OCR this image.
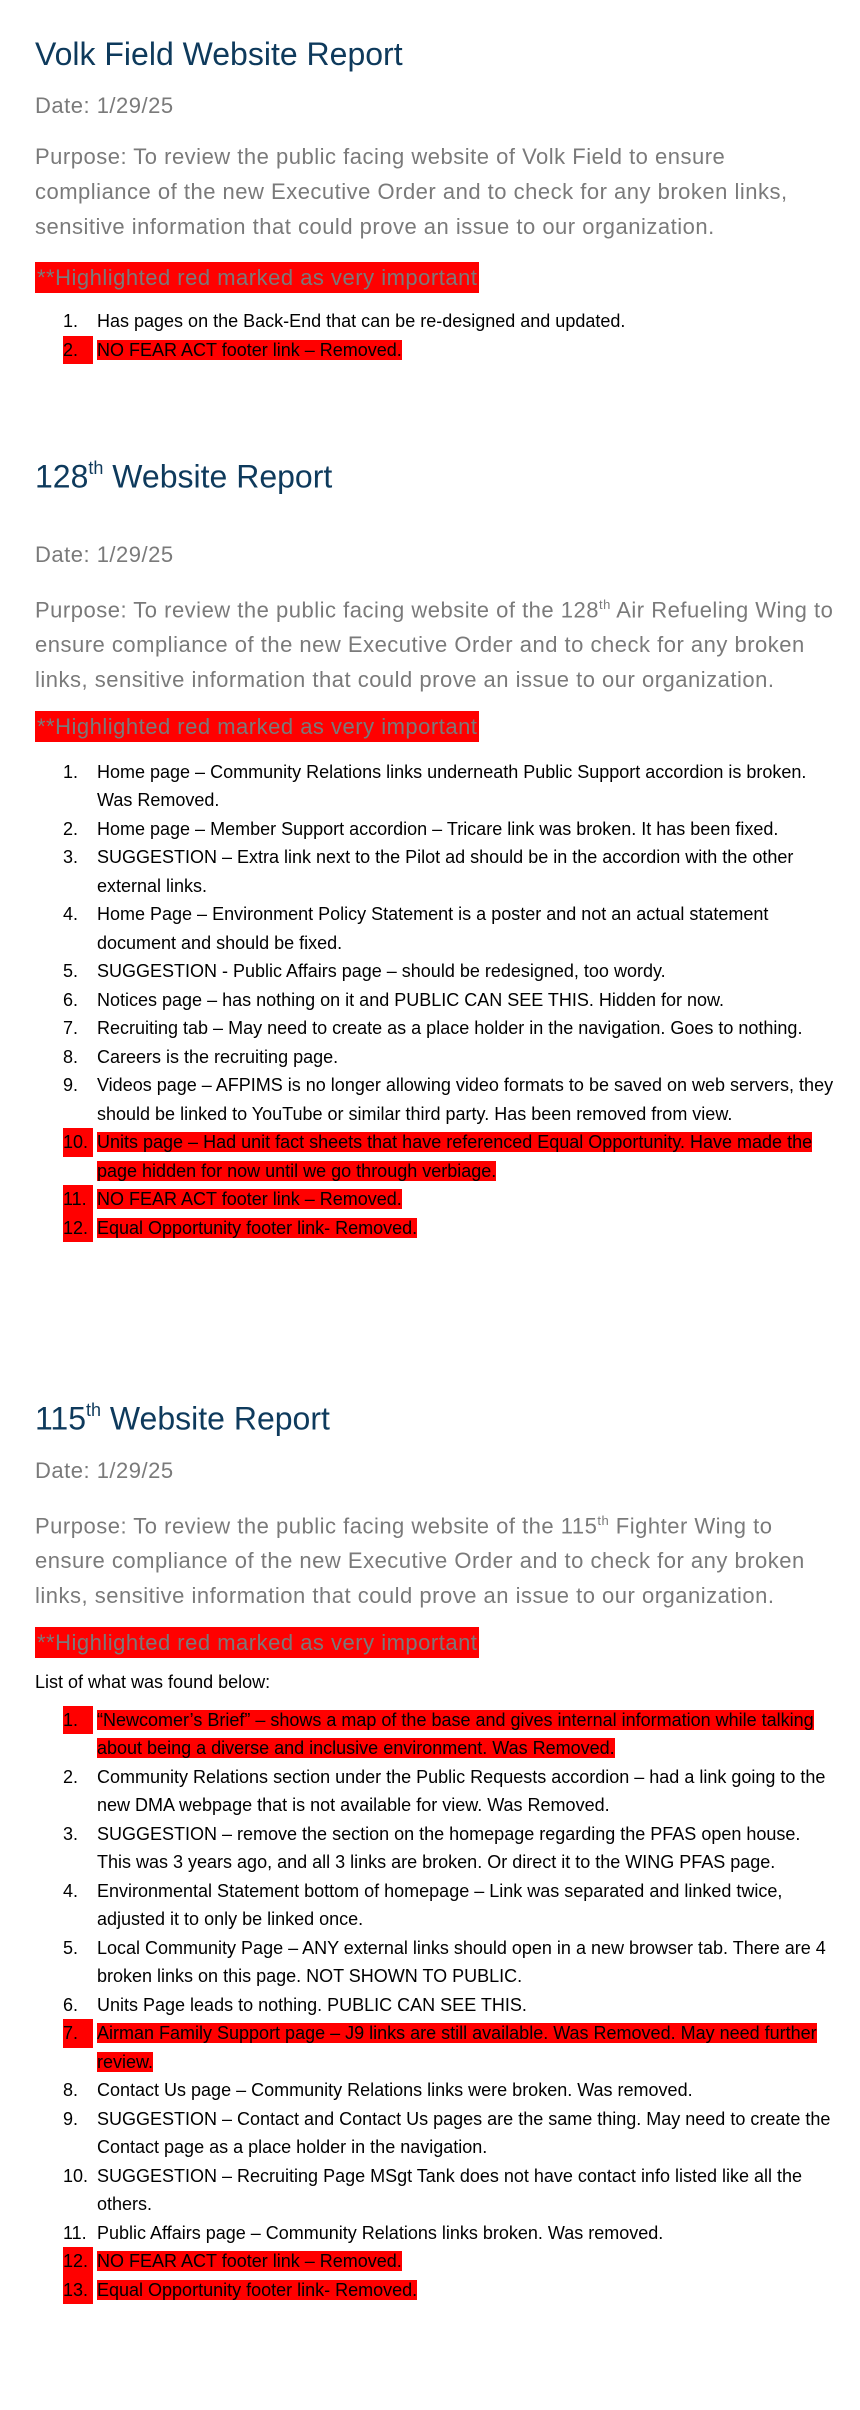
Volk Field Website Report
Date: 1/29/25
Purpose: To review the public facing website of Volk Field to ensure compliance of the new Executive Order and to check for any broken links, sensitive information that could prove an issue to our organization.
**Highlighted red marked as very important
1.	Has pages on the Back-End that can be re-designed and updated.
2.	NO FEAR ACT footer link – Removed.
128th Website Report
Date: 1/29/25
Purpose: To review the public facing website of the 128th Air Refueling Wing to ensure compliance of the new Executive Order and to check for any broken links, sensitive information that could prove an issue to our organization.
**Highlighted red marked as very important
1.	Home page – Community Relations links underneath Public Support accordion is broken. Was Removed.
2.	Home page – Member Support accordion – Tricare link was broken. It has been fixed.
3.	SUGGESTION – Extra link next to the Pilot ad should be in the accordion with the other external links.
4.	Home Page – Environment Policy Statement is a poster and not an actual statement document and should be fixed.
5.	SUGGESTION - Public Affairs page – should be redesigned, too wordy.
6.	Notices page – has nothing on it and PUBLIC CAN SEE THIS. Hidden for now.
7.	Recruiting tab – May need to create as a place holder in the navigation. Goes to nothing.
8.	Careers is the recruiting page.
9.	Videos page – AFPIMS is no longer allowing video formats to be saved on web servers, they should be linked to YouTube or similar third party. Has been removed from view.
10. Units page – Had unit fact sheets that have referenced Equal Opportunity. Have made the page hidden for now until we go through verbiage.
11. NO FEAR ACT footer link – Removed.
12. Equal Opportunity footer link- Removed.
115th Website Report
Date: 1/29/25
Purpose: To review the public facing website of the 115th Fighter Wing to ensure compliance of the new Executive Order and to check for any broken links, sensitive information that could prove an issue to our organization.
**Highlighted red marked as very important
List of what was found below:
1.	“Newcomer’s Brief” – shows a map of the base and gives internal information while talking about being a diverse and inclusive environment. Was Removed.
2.	Community Relations section under the Public Requests accordion – had a link going to the new DMA webpage that is not available for view. Was Removed.
3.	SUGGESTION – remove the section on the homepage regarding the PFAS open house. This was 3 years ago, and all 3 links are broken. Or direct it to the WING PFAS page.
4.	Environmental Statement bottom of homepage – Link was separated and linked twice, adjusted it to only be linked once.
5.	Local Community Page – ANY external links should open in a new browser tab. There are 4 broken links on this page. NOT SHOWN TO PUBLIC.
6.	Units Page leads to nothing. PUBLIC CAN SEE THIS.
7.	Airman Family Support page – J9 links are still available. Was Removed. May need further review.
8.	Contact Us page – Community Relations links were broken. Was removed.
9.	SUGGESTION – Contact and Contact Us pages are the same thing. May need to create the Contact page as a place holder in the navigation.
10. SUGGESTION – Recruiting Page MSgt Tank does not have contact info listed like all the others.
11. Public Affairs page – Community Relations links broken. Was removed.
12. NO FEAR ACT footer link – Removed.
13. Equal Opportunity footer link- Removed.
